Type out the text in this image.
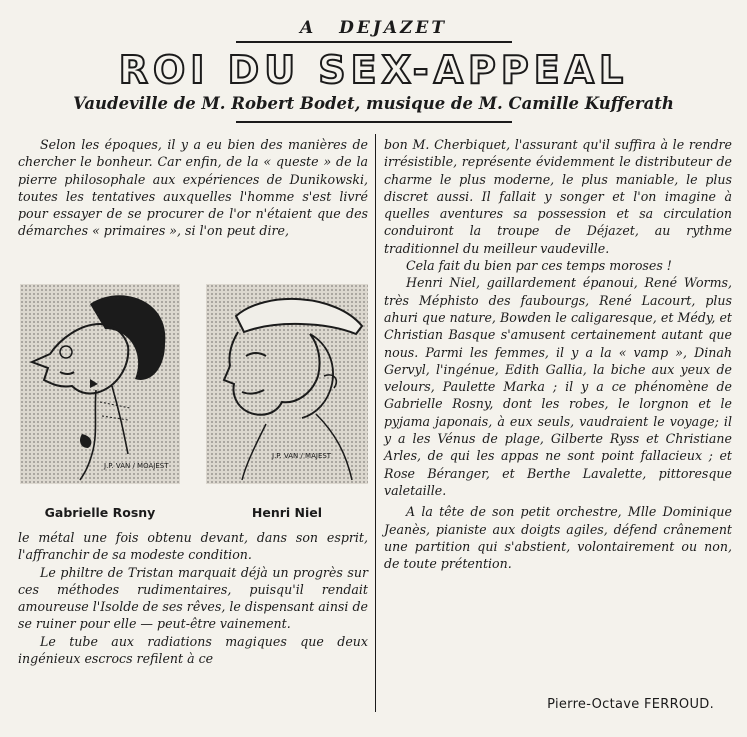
A DEJAZET
ROI DU SEX-APPEAL
Vaudeville de M. Robert Bodet, musique de M. Camille Kufferath

Selon les époques, il y a eu bien des manières de chercher le bonheur. Car enfin, de la « queste » de la pierre philosophale aux expériences de Dunikowski, toutes les tentatives auxquelles l'homme s'est livré pour essayer de se procurer de l'or n'étaient que des démarches « primaires », si l'on peut dire,

J.P. VAN / MOAJEST
J.P. VAN / MAJEST
Gabrielle Rosny	Henri Niel

le métal une fois obtenu devant, dans son esprit, l'affranchir de sa modeste condition.

Le philtre de Tristan marquait déjà un progrès sur ces méthodes rudimentaires, puisqu'il rendait amoureuse l'Isolde de ses rêves, le dispensant ainsi de se ruiner pour elle — peut-être vainement.

Le tube aux radiations magiques que deux ingénieux escrocs refilent à ce

bon M. Cherbiquet, l'assurant qu'il suffira à le rendre irrésistible, représente évidemment le distributeur de charme le plus moderne, le plus maniable, le plus discret aussi. Il fallait y songer et l'on imagine à quelles aventures sa possession et sa circulation conduiront la troupe de Déjazet, au rythme traditionnel du meilleur vaudeville.

Cela fait du bien par ces temps moroses !

Henri Niel, gaillardement épanoui, René Worms, très Méphisto des faubourgs, René Lacourt, plus ahuri que nature, Bowden le caligaresque, et Médy, et Christian Basque s'amusent certainement autant que nous. Parmi les femmes, il y a la « vamp », Dinah Gervyl, l'ingénue, Edith Gallia, la biche aux yeux de velours, Paulette Marka ; il y a ce phénomène de Gabrielle Rosny, dont les robes, le lorgnon et le pyjama japonais, à eux seuls, vaudraient le voyage; il y a les Vénus de plage, Gilberte Ryss et Christiane Arles, de qui les appas ne sont point fallacieux ; et Rose Béranger, et Berthe Lavalette, pittoresque valetaille.

A la tête de son petit orchestre, Mlle Dominique Jeanès, pianiste aux doigts agiles, défend crânement une partition qui s'abstient, volontairement ou non, de toute prétention.

Pierre-Octave FERROUD.
